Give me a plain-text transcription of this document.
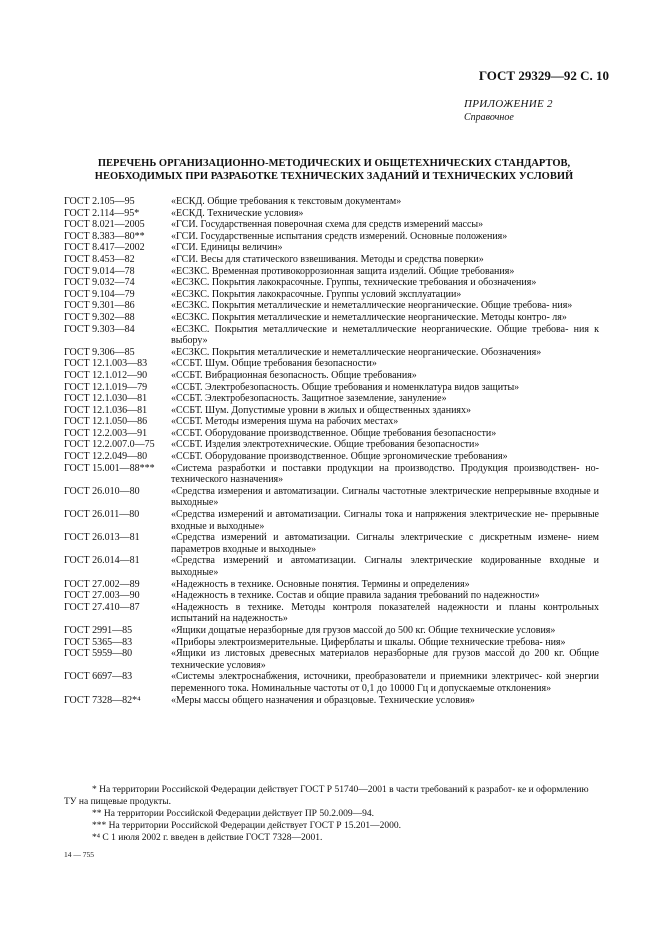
ГОСТ 29329—92 С. 10
ПРИЛОЖЕНИЕ 2
Справочное
ПЕРЕЧЕНЬ ОРГАНИЗАЦИОННО-МЕТОДИЧЕСКИХ И ОБЩЕТЕХНИЧЕСКИХ СТАНДАРТОВ,
НЕОБХОДИМЫХ ПРИ РАЗРАБОТКЕ ТЕХНИЧЕСКИХ ЗАДАНИЙ И ТЕХНИЧЕСКИХ УСЛОВИЙ
ГОСТ 2.105—95	«ЕСКД. Общие требования к текстовым документам»
ГОСТ 2.114—95*	«ЕСКД. Технические условия»
ГОСТ 8.021—2005	«ГСИ. Государственная поверочная схема для средств измерений массы»
ГОСТ 8.383—80**	«ГСИ. Государственные испытания средств измерений. Основные положения»
ГОСТ 8.417—2002	«ГСИ. Единицы величин»
ГОСТ 8.453—82	«ГСИ. Весы для статического взвешивания. Методы и средства поверки»
ГОСТ 9.014—78	«ЕСЗКС. Временная противокоррозионная защита изделий. Общие требования»
ГОСТ 9.032—74	«ЕСЗКС. Покрытия лакокрасочные. Группы, технические требования и обозначения»
ГОСТ 9.104—79	«ЕСЗКС. Покрытия лакокрасочные. Группы условий эксплуатации»
ГОСТ 9.301—86	«ЕСЗКС. Покрытия металлические и неметаллические неорганические. Общие требова- ния»
ГОСТ 9.302—88	«ЕСЗКС. Покрытия металлические и неметаллические неорганические. Методы контро- ля»
ГОСТ 9.303—84	«ЕСЗКС. Покрытия металлические и неметаллические неорганические. Общие требова- ния к выбору»
ГОСТ 9.306—85	«ЕСЗКС. Покрытия металлические и неметаллические неорганические. Обозначения»
ГОСТ 12.1.003—83	«ССБТ. Шум. Общие требования безопасности»
ГОСТ 12.1.012—90	«ССБТ. Вибрационная безопасность. Общие требования»
ГОСТ 12.1.019—79	«ССБТ. Электробезопасность. Общие требования и номенклатура видов защиты»
ГОСТ 12.1.030—81	«ССБТ. Электробезопасность. Защитное заземление, зануление»
ГОСТ 12.1.036—81	«ССБТ. Шум. Допустимые уровни в жилых и общественных зданиях»
ГОСТ 12.1.050—86	«ССБТ. Методы измерения шума на рабочих местах»
ГОСТ 12.2.003—91	«ССБТ. Оборудование производственное. Общие требования безопасности»
ГОСТ 12.2.007.0—75	«ССБТ. Изделия электротехнические. Общие требования безопасности»
ГОСТ 12.2.049—80	«ССБТ. Оборудование производственное. Общие эргономические требования»
ГОСТ 15.001—88***	«Система разработки и поставки продукции на производство. Продукция производствен- но-технического назначения»
ГОСТ 26.010—80	«Средства измерения и автоматизации. Сигналы частотные электрические непрерывные входные и выходные»
ГОСТ 26.011—80	«Средства измерений и автоматизации. Сигналы тока и напряжения электрические не- прерывные входные и выходные»
ГОСТ 26.013—81	«Средства измерений и автоматизации. Сигналы электрические с дискретным измене- нием параметров входные и выходные»
ГОСТ 26.014—81	«Средства измерений и автоматизации. Сигналы электрические кодированные входные и выходные»
ГОСТ 27.002—89	«Надежность в технике. Основные понятия. Термины и определения»
ГОСТ 27.003—90	«Надежность в технике. Состав и общие правила задания требований по надежности»
ГОСТ 27.410—87	«Надежность в технике. Методы контроля показателей надежности и планы контрольных испытаний на надежность»
ГОСТ 2991—85	«Ящики дощатые неразборные для грузов массой до 500 кг. Общие технические условия»
ГОСТ 5365—83	«Приборы электроизмерительные. Циферблаты и шкалы. Общие технические требова- ния»
ГОСТ 5959—80	«Ящики из листовых древесных материалов неразборные для грузов массой до 200 кг. Общие технические условия»
ГОСТ 6697—83	«Системы электроснабжения, источники, преобразователи и приемники электричес- кой энергии переменного тока. Номинальные частоты от 0,1 до 10000 Гц и допускаемые отклонения»
ГОСТ 7328—82*⁴	«Меры массы общего назначения и образцовые. Технические условия»
* На территории Российской Федерации действует ГОСТ Р 51740—2001 в части требований к разработ- ке и оформлению ТУ на пищевые продукты.
** На территории Российской Федерации действует ПР 50.2.009—94.
*** На территории Российской Федерации действует ГОСТ Р 15.201—2000.
*⁴ С 1 июля 2002 г. введен в действие ГОСТ 7328—2001.
14 — 755
